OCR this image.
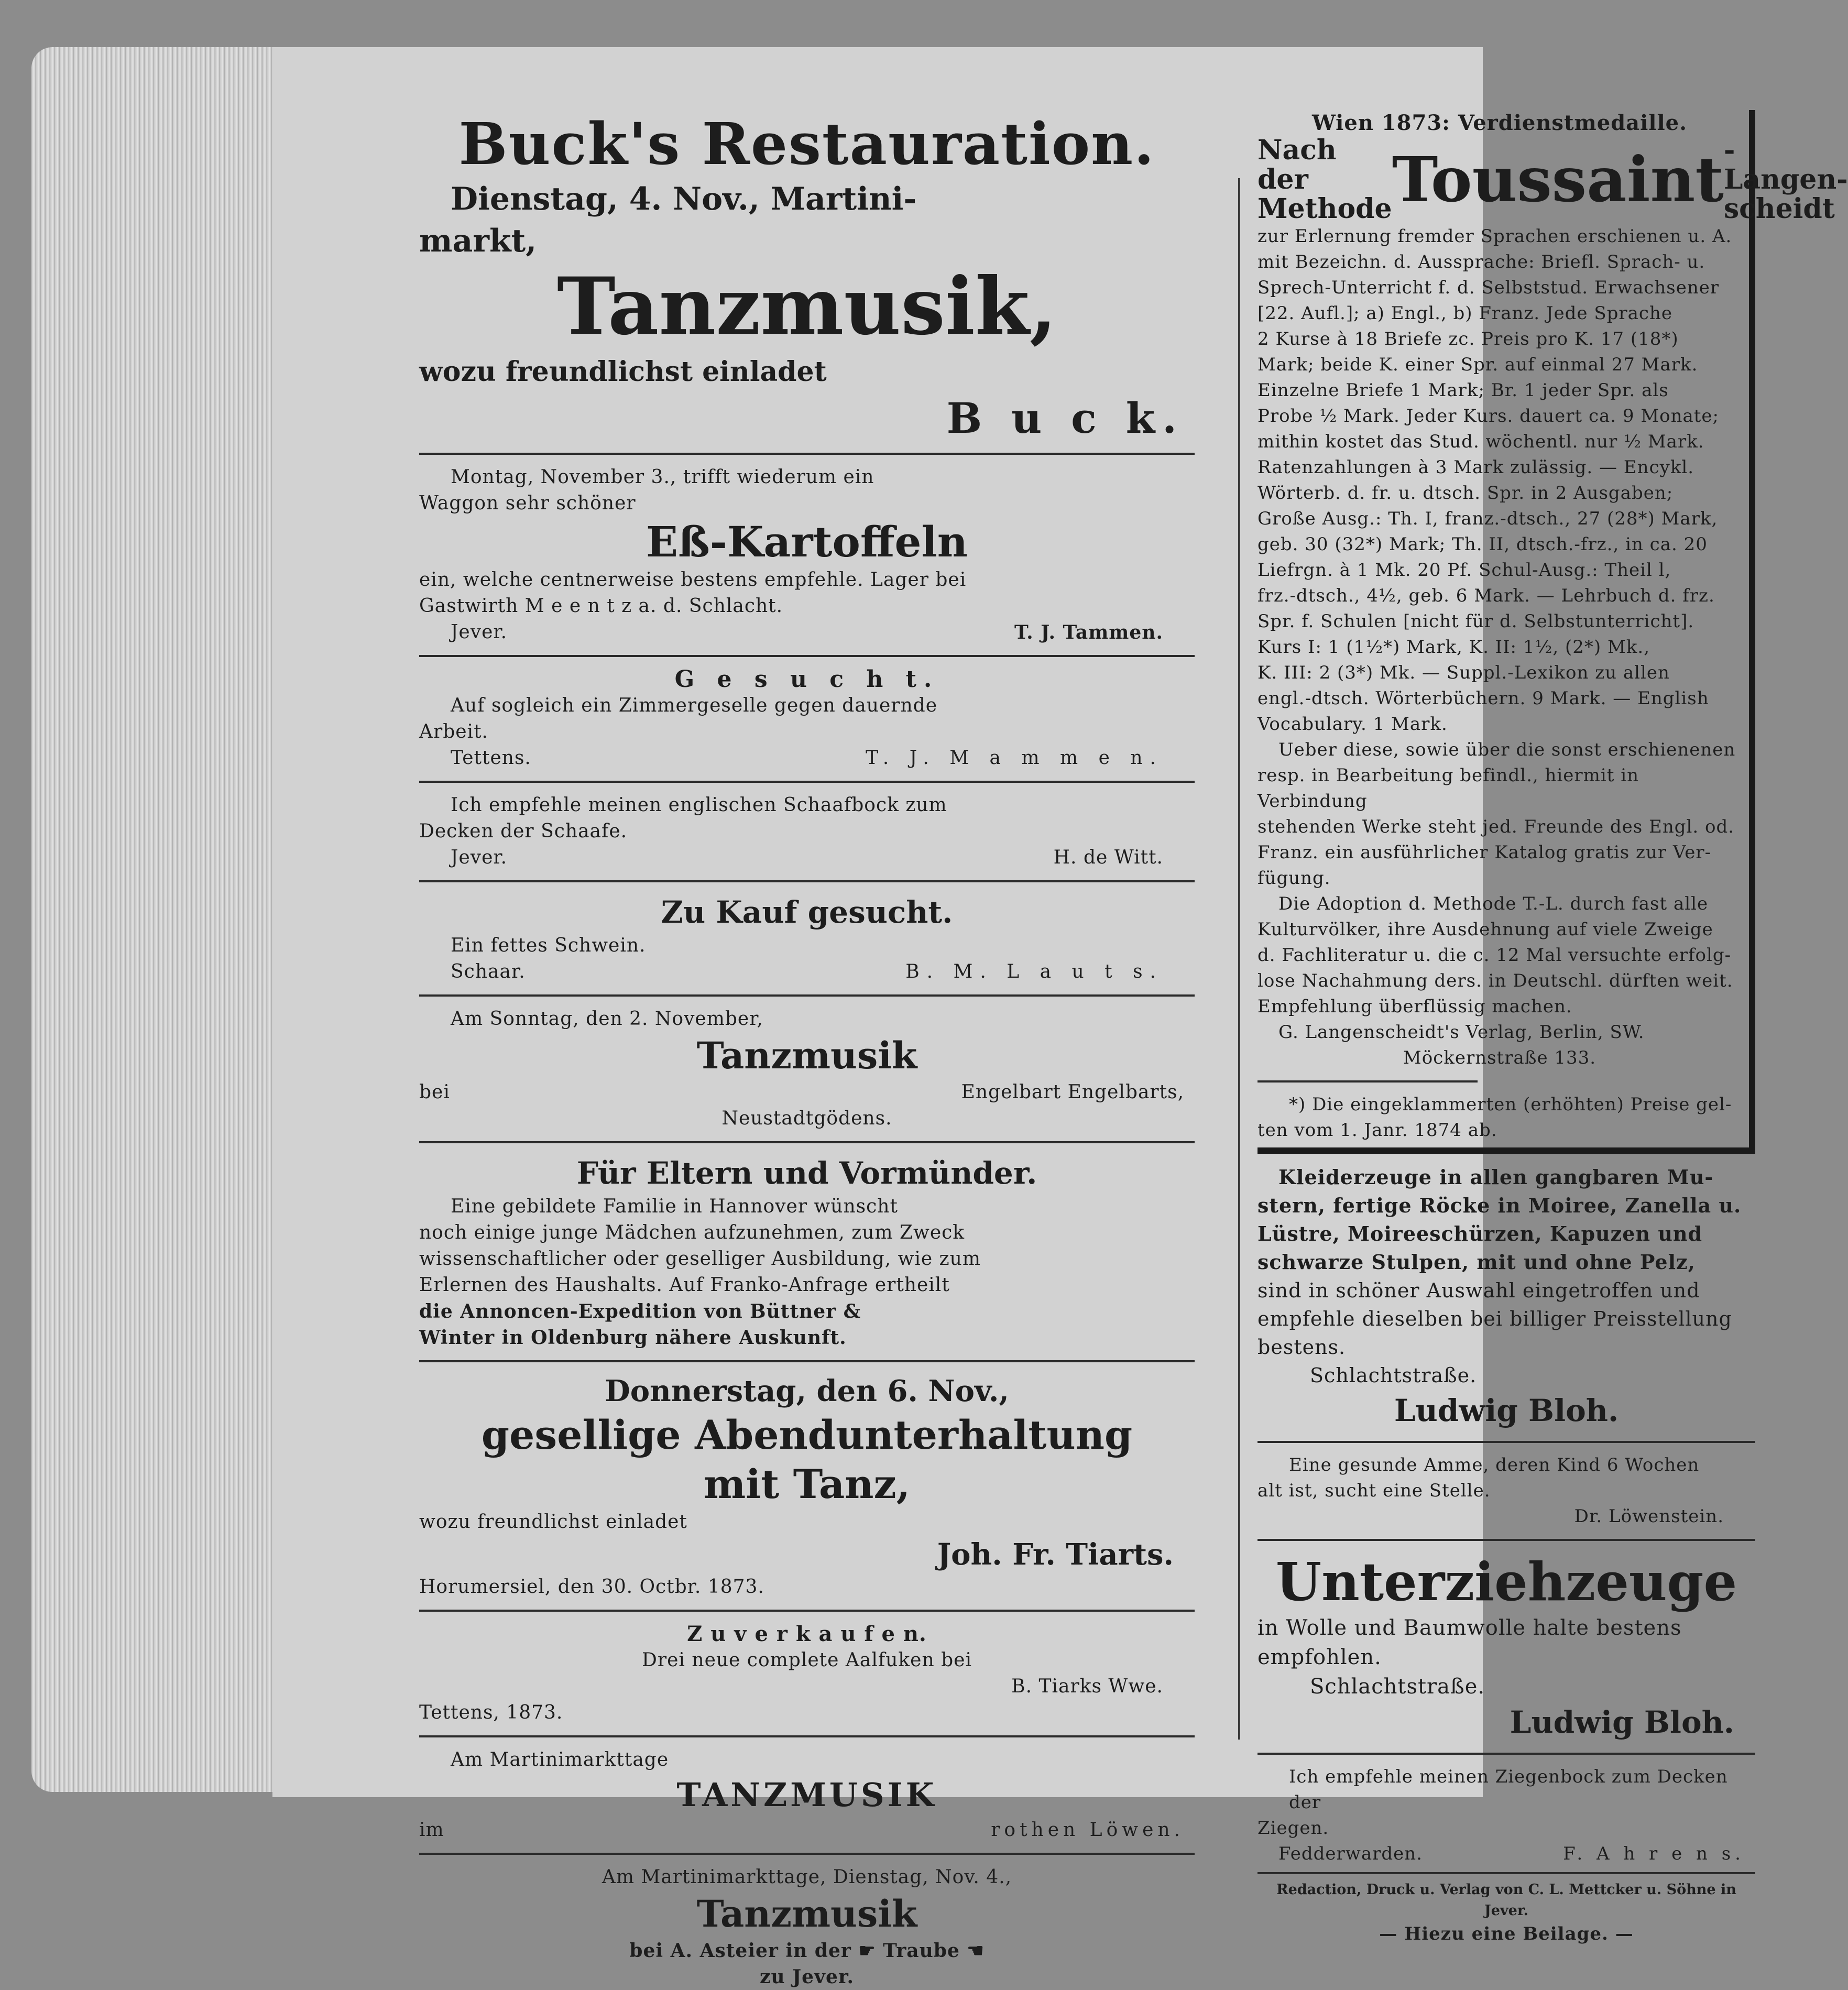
Buck's Restauration.
Dienstag, 4. Nov., Martini-
markt,
Tanzmusik,
wozu freundlichst einladet
B u c k.
Montag, November 3., trifft wiederum ein
Waggon sehr schöner
Eß-Kartoffeln
ein, welche centnerweise bestens empfehle. Lager bei
Gastwirth M e e n t z a. d. Schlacht.
Jever.	T. J. Tammen.
G e s u c h t.
Auf sogleich ein Zimmergeselle gegen dauernde
Arbeit.
Tettens.	T. J. M a m m e n.
Ich empfehle meinen englischen Schaafbock zum
Decken der Schaafe.
Jever.	H. de Witt.
Zu Kauf gesucht.
Ein fettes Schwein.
Schaar.	B. M. L a u t s.
Am Sonntag, den 2. November,
Tanzmusik
bei	Engelbart Engelbarts,
Neustadtgödens.
Für Eltern und Vormünder.
Eine gebildete Familie in Hannover wünscht
noch einige junge Mädchen aufzunehmen, zum Zweck
wissenschaftlicher oder geselliger Ausbildung, wie zum
Erlernen des Haushalts. Auf Franko-Anfrage ertheilt
die Annoncen-Expedition von Büttner &
Winter in Oldenburg nähere Auskunft.
Donnerstag, den 6. Nov.,
gesellige Abendunterhaltung
mit Tanz,
wozu freundlichst einladet
Joh. Fr. Tiarts.
Horumersiel, den 30. Octbr. 1873.
Z u v e r k a u f e n.
Drei neue complete Aalfuken bei
B. Tiarks Wwe.
Tettens, 1873.
Am Martinimarkttage
TANZMUSIK
im	rothen Löwen.
Am Martinimarkttage, Dienstag, Nov. 4.,
Tanzmusik
bei A. Asteier in der ☛ Traube ☚
zu Jever.
Wien 1873: Verdienstmedaille.
Nach der
Methode Toussaint -Langen-
scheidt
zur Erlernung fremder Sprachen erschienen u. A.
mit Bezeichn. d. Aussprache: Briefl. Sprach- u.
Sprech-Unterricht f. d. Selbststud. Erwachsener
[22. Aufl.]; a) Engl., b) Franz. Jede Sprache
2 Kurse à 18 Briefe zc. Preis pro K. 17 (18*)
Mark; beide K. einer Spr. auf einmal 27 Mark.
Einzelne Briefe 1 Mark; Br. 1 jeder Spr. als
Probe ½ Mark. Jeder Kurs. dauert ca. 9 Monate;
mithin kostet das Stud. wöchentl. nur ½ Mark.
Ratenzahlungen à 3 Mark zulässig. — Encykl.
Wörterb. d. fr. u. dtsch. Spr. in 2 Ausgaben;
Große Ausg.: Th. I, franz.-dtsch., 27 (28*) Mark,
geb. 30 (32*) Mark; Th. II, dtsch.-frz., in ca. 20
Liefrgn. à 1 Mk. 20 Pf. Schul-Ausg.: Theil l,
frz.-dtsch., 4½, geb. 6 Mark. — Lehrbuch d. frz.
Spr. f. Schulen [nicht für d. Selbstunterricht].
Kurs I: 1 (1½*) Mark, K. II: 1½, (2*) Mk.,
K. III: 2 (3*) Mk. — Suppl.-Lexikon zu allen
engl.-dtsch. Wörterbüchern. 9 Mark. — English
Vocabulary. 1 Mark.
Ueber diese, sowie über die sonst erschienenen
resp. in Bearbeitung befindl., hiermit in Verbindung
stehenden Werke steht jed. Freunde des Engl. od.
Franz. ein ausführlicher Katalog gratis zur Ver-
fügung.
Die Adoption d. Methode T.-L. durch fast alle
Kulturvölker, ihre Ausdehnung auf viele Zweige
d. Fachliteratur u. die c. 12 Mal versuchte erfolg-
lose Nachahmung ders. in Deutschl. dürften weit.
Empfehlung überflüssig machen.
G. Langenscheidt's Verlag, Berlin, SW.
Möckernstraße 133.
*) Die eingeklammerten (erhöhten) Preise gel-
ten vom 1. Janr. 1874 ab.
Kleiderzeuge in allen gangbaren Mu-
stern, fertige Röcke in Moiree, Zanella u.
Lüstre, Moireeschürzen, Kapuzen und
schwarze Stulpen, mit und ohne Pelz,
sind in schöner Auswahl eingetroffen und
empfehle dieselben bei billiger Preisstellung
bestens.
Schlachtstraße.
Ludwig Bloh.
Eine gesunde Amme, deren Kind 6 Wochen
alt ist, sucht eine Stelle.
Dr. Löwenstein.
Unterziehzeuge
in Wolle und Baumwolle halte bestens
empfohlen.
Schlachtstraße.
Ludwig Bloh.
Ich empfehle meinen Ziegenbock zum Decken der
Ziegen.
Fedderwarden.	F. A h r e n s.
Redaction, Druck u. Verlag von C. L. Mettcker u. Söhne in Jever.
— Hiezu eine Beilage. —
